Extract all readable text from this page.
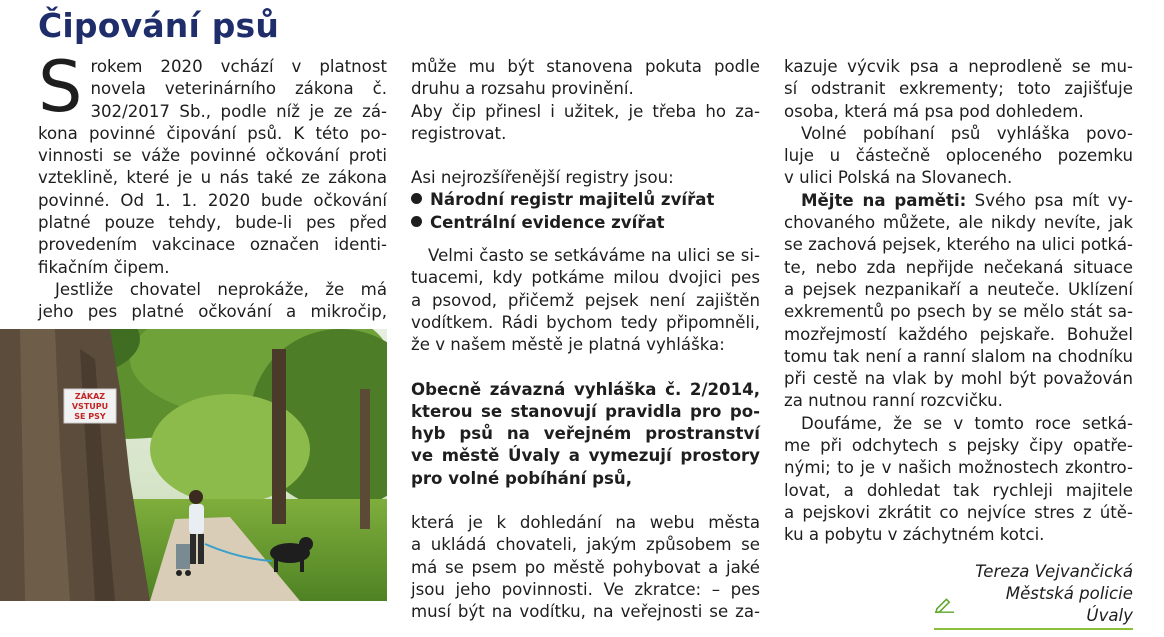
Čipování psů
S rokem 2020 vchází v platnost

novela veterinárního zákona č.

302/2017 Sb., podle níž je ze zá-

kona povinné čipování psů. K této po-

vinnosti se váže povinné očkování proti

vzteklině, které je u nás také ze zákona

povinné. Od 1. 1. 2020 bude očkování

platné pouze tehdy, bude-li pes před

provedením vakcinace označen identi-

fikačním čipem.

Jestliže chovatel neprokáže, že má

jeho pes platné očkování a mikročip,

ZÁKAZ
VSTUPU
SE PSY

může mu být stanovena pokuta podle

druhu a rozsahu provinění.

Aby čip přinesl i užitek, je třeba ho za-

registrovat.

Asi nejrozšířenější registry jsou:

Národní registr majitelů zvířat

Centrální evidence zvířat

Velmi často se setkáváme na ulici se si-

tuacemi, kdy potkáme milou dvojici pes

a psovod, přičemž pejsek není zajištěn

vodítkem. Rádi bychom tedy připomněli,

že v našem městě je platná vyhláška:

Obecně závazná vyhláška č. 2/2014,

kterou se stanovují pravidla pro po-

hyb psů na veřejném prostranství

ve městě Úvaly a vymezují prostory

pro volné pobíhání psů,

která je k dohledání na webu města

a ukládá chovateli, jakým způsobem se

má se psem po městě pohybovat a jaké

jsou jeho povinnosti. Ve zkratce: – pes

musí být na vodítku, na veřejnosti se za-

kazuje výcvik psa a neprodleně se mu-

sí odstranit exkrementy; toto zajišťuje

osoba, která má psa pod dohledem.

Volné pobíhaní psů vyhláška povo-

luje u částečně oploceného pozemku

v ulici Polská na Slovanech.

Mějte na paměti: Svého psa mít vy-

chovaného můžete, ale nikdy nevíte, jak

se zachová pejsek, kterého na ulici potká-

te, nebo zda nepřijde nečekaná situace

a pejsek nezpanikaří a neuteče. Uklízení

exkrementů po psech by se mělo stát sa-

mozřejmostí každého pejskaře. Bohužel

tomu tak není a ranní slalom na chodníku

při cestě na vlak by mohl být považován

za nutnou ranní rozcvičku.

Doufáme, že se v tomto roce setká-

me při odchytech s pejsky čipy opatře-

nými; to je v našich možnostech zkontro-

lovat, a dohledat tak rychleji majitele

a pejskovi zkrátit co nejvíce stres z útě-

ku a pobytu v záchytném kotci.

Tereza Vejvančická

Městská policie Úvaly
